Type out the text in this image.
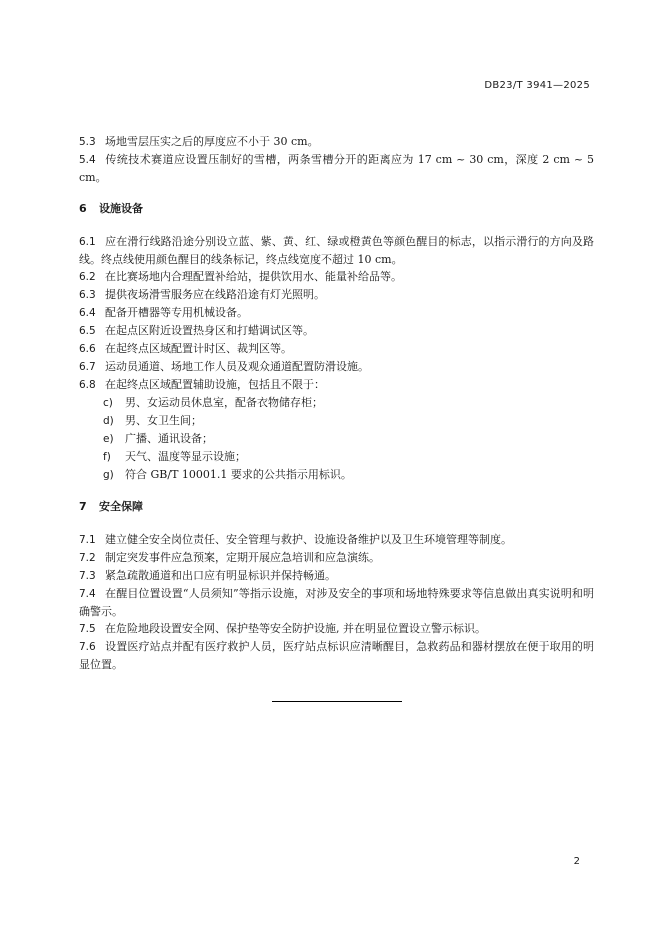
DB23/T 3941—2025

5.3 场地雪层压实之后的厚度应不小于 30 cm。

5.4 传统技术赛道应设置压制好的雪槽，两条雪槽分开的距离应为 17 cm ~ 30 cm，深度 2 cm ~ 5 cm。

6 设施设备

6.1 应在滑行线路沿途分别设立蓝、紫、黄、红、绿或橙黄色等颜色醒目的标志，以指示滑行的方向及路线。终点线使用颜色醒目的线条标记，终点线宽度不超过 10 cm。

6.2 在比赛场地内合理配置补给站，提供饮用水、能量补给品等。

6.3 提供夜场滑雪服务应在线路沿途有灯光照明。

6.4 配备开槽器等专用机械设备。

6.5 在起点区附近设置热身区和打蜡调试区等。

6.6 在起终点区域配置计时区、裁判区等。

6.7 运动员通道、场地工作人员及观众通道配置防滑设施。

6.8 在起终点区域配置辅助设施，包括且不限于：

c) 男、女运动员休息室，配备衣物储存柜；

d) 男、女卫生间；

e) 广播、通讯设备；

f) 天气、温度等显示设施；

g) 符合 GB/T 10001.1 要求的公共指示用标识。

7 安全保障

7.1 建立健全安全岗位责任、安全管理与救护、设施设备维护以及卫生环境管理等制度。

7.2 制定突发事件应急预案，定期开展应急培训和应急演练。

7.3 紧急疏散通道和出口应有明显标识并保持畅通。

7.4 在醒目位置设置“人员须知”等指示设施，对涉及安全的事项和场地特殊要求等信息做出真实说明和明确警示。

7.5 在危险地段设置安全网、保护垫等安全防护设施, 并在明显位置设立警示标识。

7.6 设置医疗站点并配有医疗救护人员，医疗站点标识应清晰醒目，急救药品和器材摆放在便于取用的明显位置。

2
